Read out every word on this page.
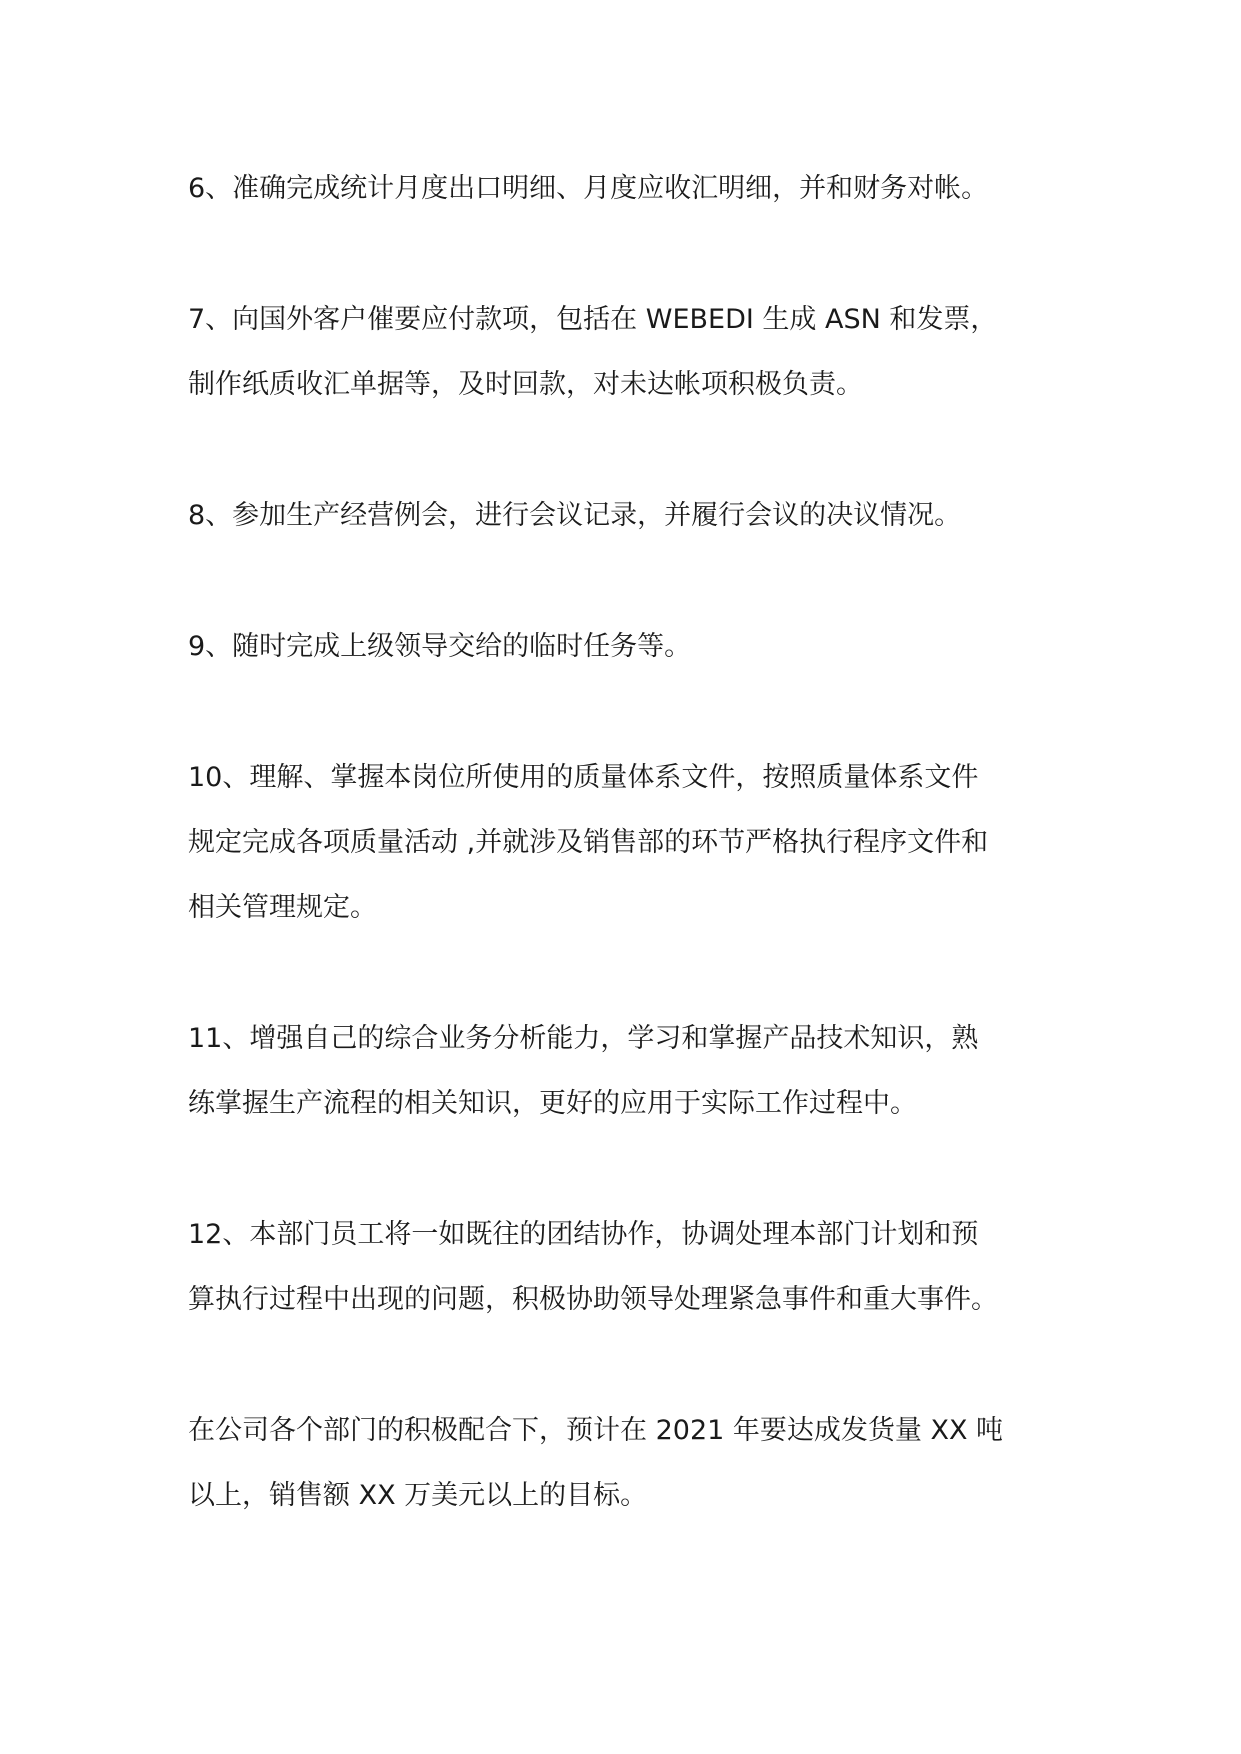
6、准确完成统计月度出口明细、月度应收汇明细，并和财务对帐。

7、向国外客户催要应付款项，包括在 WEBEDI 生成 ASN 和发票，
制作纸质收汇单据等，及时回款，对未达帐项积极负责。

8、参加生产经营例会，进行会议记录，并履行会议的决议情况。

9、随时完成上级领导交给的临时任务等。

10、理解、掌握本岗位所使用的质量体系文件，按照质量体系文件
规定完成各项质量活动 ,并就涉及销售部的环节严格执行程序文件和
相关管理规定。

11、增强自己的综合业务分析能力，学习和掌握产品技术知识，熟
练掌握生产流程的相关知识，更好的应用于实际工作过程中。

12、本部门员工将一如既往的团结协作，协调处理本部门计划和预
算执行过程中出现的问题，积极协助领导处理紧急事件和重大事件。

在公司各个部门的积极配合下，预计在 2021 年要达成发货量 XX 吨
以上，销售额 XX 万美元以上的目标。
